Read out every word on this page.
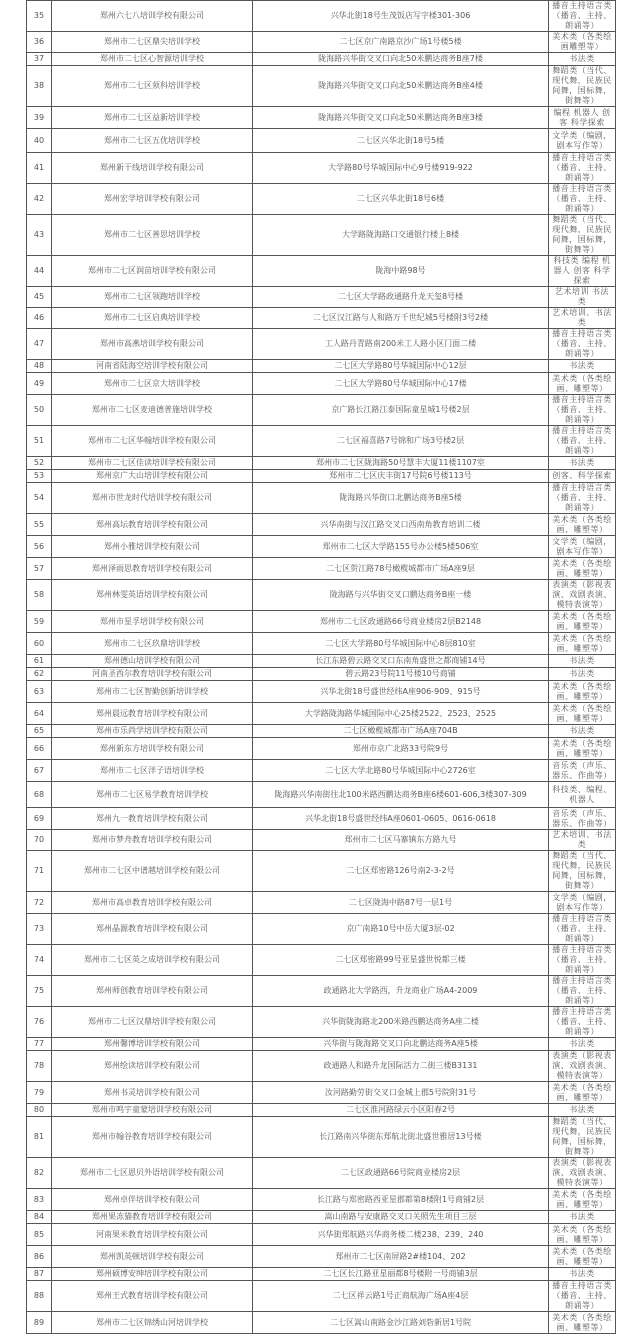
35	郑州六七八培训学校有限公司	兴华北街18号生茂饭店写字楼301-306	播音主持语言类（播音、主持、朗诵等）
36	郑州市二七区鼎尖培训学校	二七区京广南路京沙广场1号楼5楼	美术类（各类绘画雕塑等）
37	郑州市二七区心智源培训学校	陇海路兴华街交叉口向北50米鹏达商务B座7楼	书法类
38	郑州市二七区须科培训学校	陇海路兴华街交叉口向北50米鹏达商务B座4楼	舞蹈类（当代、现代舞，民族民间舞，国标舞，街舞等）
39	郑州市二七区益新培训学校	陇海路兴华街交叉口向北50米鹏达商务B座3楼	编程 机器人 创客 科学探索
40	郑州市二七区五优培训学校	二七区兴华北街18号5楼	文学类（编剧，剧本写作等）
41	郑州新干线培训学校有限公司	大学路80号华城国际中心9号楼919-922	播音主持语言类（播音、主持、朗诵等）
42	郑州宏学培训学校有限公司	二七区兴华北街18号6楼	播音主持语言类（播音、主持、朗诵等）
43	郑州市二七区善思培训学校	大学路陇海路口交通银行楼上8楼	舞蹈类（当代、现代舞，民族民间舞，国标舞，街舞等）
44	郑州市二七区润苗培训学校有限公司	陇海中路98号	科技类 编程 机器人 创客 科学探索
45	郑州市二七区领跑培训学校	二七区大学路政通路升龙天玺8号楼	艺术培训 书法类
46	郑州市二七区启典培训学校	二七区汉江路与人和路万千世纪城5号楼附3号2楼	艺术培训、书法类
47	郑州市高燕培训学校有限公司	工人路丹青路南200米工人路小区门面二楼	播音主持语言类（播音、主持、朗诵等）
48	河南省陆海空培训学校有限公司	二七区大学路80号华城国际中心12层	书法类
49	郑州市二七区京大培训学校	二七区大学路80号华城国际中心17楼	美术类（各类绘画、雕塑等）
50	郑州市二七区麦迪德普施培训学校	京广路长江路江泰国际童星城1号楼2层	播音主持语言类（播音、主持、朗诵等）
51	郑州市二七区华翰培训学校有限公司	二七区福喜路7号锦和广场3号楼2层	播音主持语言类（播音、主持、朗诵等）
52	郑州市二七区佳读培训学校有限公司	郑州市二七区陇海路50号慧丰大厦11楼1107室	书法类
53	郑州京广大山培训学校有限公司	郑州市二七区庆丰街17号院6号楼113号	创客、科学探索
54	郑州市世龙时代培训学校有限公司	陇海路兴华街口北鹏达商务B座5楼	播音主持语言类（播音、主持、朗诵等）
55	郑州高坛教育培训学校有限公司	兴华南街与汉江路交叉口西南角教育培训二楼	美术类（各类绘画、雕塑等）
56	郑州小雅培训学校有限公司	郑州市二七区大学路155号办公楼5楼506室	文学类（编剧，剧本写作等）
57	郑州泽雨思教育培训学校有限公司	二七区贺江路78号橄榄城都市广场A座9层	美术类（各类绘画、雕塑等）
58	郑州林雯英语培训学校有限公司	陇海路与兴华街交叉口鹏达商务B座一楼	表演类（影视表演、戏剧表演、模特表演等）
59	郑州市星孚培训学校有限公司	郑州市二七区政通路66号商业楼房2层B2148	美术类（各类绘画、雕塑等）
60	郑州市二七区玖鼎培训学校	二七区大学路80号华城国际中心8层810室	美术类（各类绘画、雕塑等）
61	郑州德山培训学校有限公司	长江东路碧云路交叉口东南角盛世之都商铺14号	书法类
62	河南圣西尔教育培训学校有限公司	碧云路23号院11号楼10号商铺	书法类
63	郑州市二七区智勤创新培训学校	兴华北街18号盛世经纬A座906-909、915号	美术类（各类绘画、雕塑等）
64	郑州晨远教育培训学校有限公司	大学路陇海路华城国际中心25楼2522、2523、2525	美术类（各类绘画、雕塑等）
65	郑州市乐尚学培训学校有限公司	二七区橄榄城都市广场A座704B	书法类
66	郑州新东方培训学校有限公司	郑州市京广北路33号院9号	美术类（各类绘画、雕塑等）
67	郑州市二七区洋子语培训学校	二七区大学北路80号华城国际中心2726室	音乐类（声乐、器乐、作曲等）
68	郑州市二七区易学教育培训学校	陇海路兴华南街往北100米路西鹏达商务B座6楼601-606,3楼307-309	科技类、编程、机器人
69	郑州九一教育培训学校有限公司	兴华北街18号盛世经纬A座0601-0605、0616-0618	音乐类（声乐、器乐、作曲等）
70	郑州市梦舟教育培训学校有限公司	郑州市二七区马寨镇东方路九号	艺术培训、书法类
71	郑州市二七区中谱越培训学校有限公司	二七区郑密路126号南2-3-2号	舞蹈类（当代、现代舞，民族民间舞，国标舞，街舞等）
72	郑州市高卓教育培训学校有限公司	二七区陇海中路87号一层1号	文学类（编剧，剧本写作等）
73	郑州晶源教育培训学校有限公司	京广南路10号中岳大厦3层-02	播音主持语言类（播音、主持、朗诵等）
74	郑州市二七区英之成培训学校有限公司	二七区郑密路99号亚星盛世悦都三楼	播音主持语言类（播音、主持、朗诵等）
75	郑州师创教育培训学校有限公司	政通路北大学路西，升龙商业广场A4-2009	播音主持语言类（播音、主持、朗诵等）
76	郑州市二七区汉鼎培训学校有限公司	兴华街陇海路北200米路西鹏达商务A座二楼	播音主持语言类（播音、主持、朗诵等）
77	郑州馨博培训学校有限公司	兴华街与陇海路交叉口向北鹏达商务A座5楼	书法类
78	郑州绘读培训学校有限公司	政通路人和路升龙国际活力二街三楼B3131	表演类（影视表演、戏剧表演、模特表演等）
79	郑州书灵培训学校有限公司	汝河路勤劳街交叉口金城上郡5号院附31号	美术类（各类绘画、雕塑等）
80	郑州市鸣宇童蒙培训学校有限公司	二七区淮河路绿云小区阳春2号	书法类
81	郑州市翰谷教育培训学校有限公司	长江路南兴华街东郑航北街北盛世雅居13号楼	舞蹈类（当代、现代舞，民族民间舞，国标舞，街舞等）
82	郑州市二七区恩贝外语培训学校有限公司	二七区政通路66号院商业楼房2层	表演类（影视表演、戏剧表演、模特表演等）
83	郑州卓伴培训学校有限公司	长江路与郑密路西亚星郡都第8楼附1号商铺2层	美术类（各类绘画、雕塑等）
84	郑州果冻猫教育培训学校有限公司	嵩山南路与安康路交叉口关照先生项目三层	书法类
85	河南果米教育培训学校有限公司	兴华街郑航路兴华商务楼二楼238、239、240	美术类（各类绘画、雕塑等）
86	郑州凯英顿培训学校有限公司	郑州市二七区南屏路2#楼104、202	美术类（各类绘画、雕塑等）
87	郑州硕博安绅培训学校有限公司	二七区长江路亚星丽都8号楼附一号商铺3层	书法类
88	郑州王式教育培训学校有限公司	二七区祥云路1号正商航海广场A座4层	播音主持语言类（播音、主持、朗诵等）
89	郑州市二七区锦绣山河培训学校	二七区嵩山南路金沙江路刘砦新居1号院	美术类（各类绘画、雕塑等）
